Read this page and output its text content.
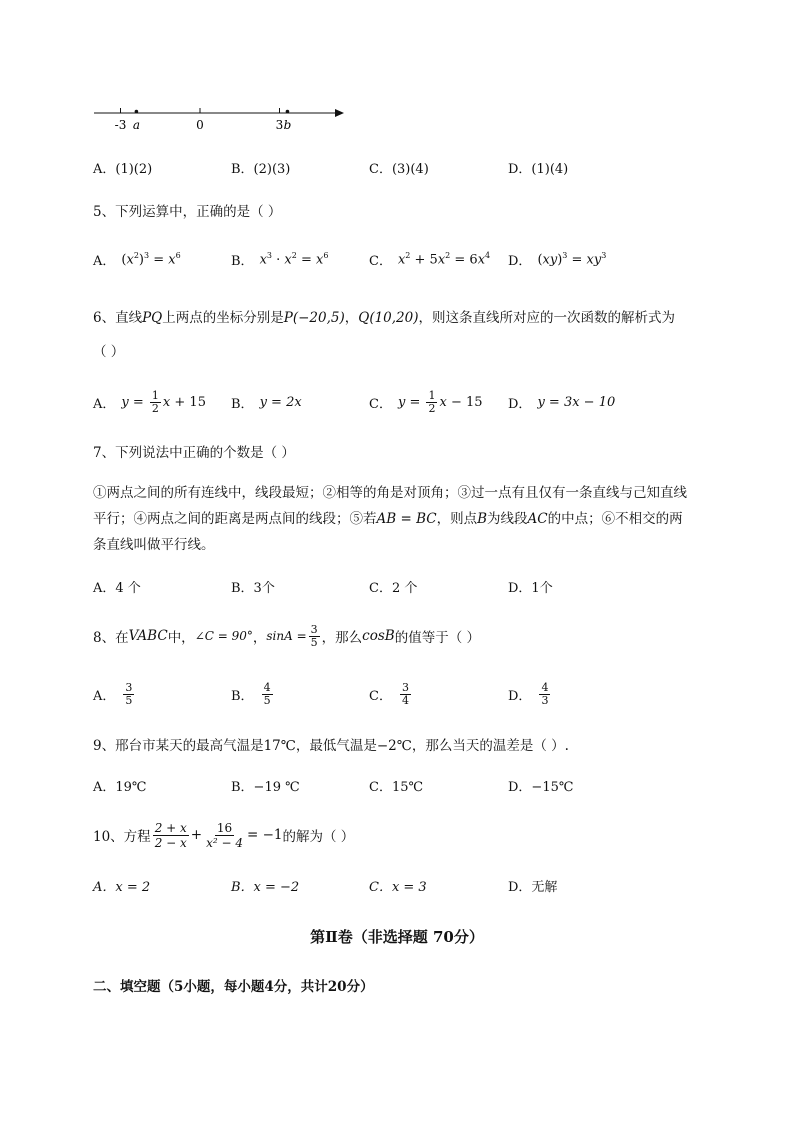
-3	0	3
a	b
A．(1)(2)	B．(2)(3)	C．(3)(4)	D．(1)(4)
5、下列运算中，正确的是（ ）
A． $(x^2)^3 = x^6$	B． $x^3 \cdot x^2 = x^6$	C． $x^2 + 5x^2 = 6x^4$ D． $(xy)^3 = xy^3$
6、直线PQ上两点的坐标分别是P(−20,5)，Q(10,20)，则这条直线所对应的一次函数的解析式为
（ ）
A． $y = \frac{1}{2}$ x + 15 B． y = 2x	C． $y = \frac{1}{2}$ x − 15 D． y = 3x − 10
7、下列说法中正确的个数是（ ）
①两点之间的所有连线中，线段最短；②相等的角是对顶角；③过一点有且仅有一条直线与己知直线
平行；④两点之间的距离是两点间的线段；⑤若AB = BC，则点B为线段AC的中点；⑥不相交的两
条直线叫做平行线。
A．4 个	B．3个	C．2 个	D．1个
8、在 VABC 中， ∠C = 90° ， $\sin A = \frac{3}{5}$ ，那么 cosB 的值等于（ ）
A． $\frac{3}{5}$	B． $\frac{4}{5}$	C． $\frac{3}{4}$	D． $\frac{4}{3}$
9、邢台市某天的最高气温是17℃，最低气温是−2℃，那么当天的温差是（ ）.
A．19℃	B．−19 ℃	C．15℃	D．−15℃
10、方程 $\frac{2 + x}{2 - x} + \frac{16}{\text{x² − 4}} = -1$ 的解为（ ）
A．x = 2	B．x = −2	C．x = 3	D．无解
第Ⅱ卷（非选择题 70分）
二、填空题（5小题，每小题4分，共计20分）
